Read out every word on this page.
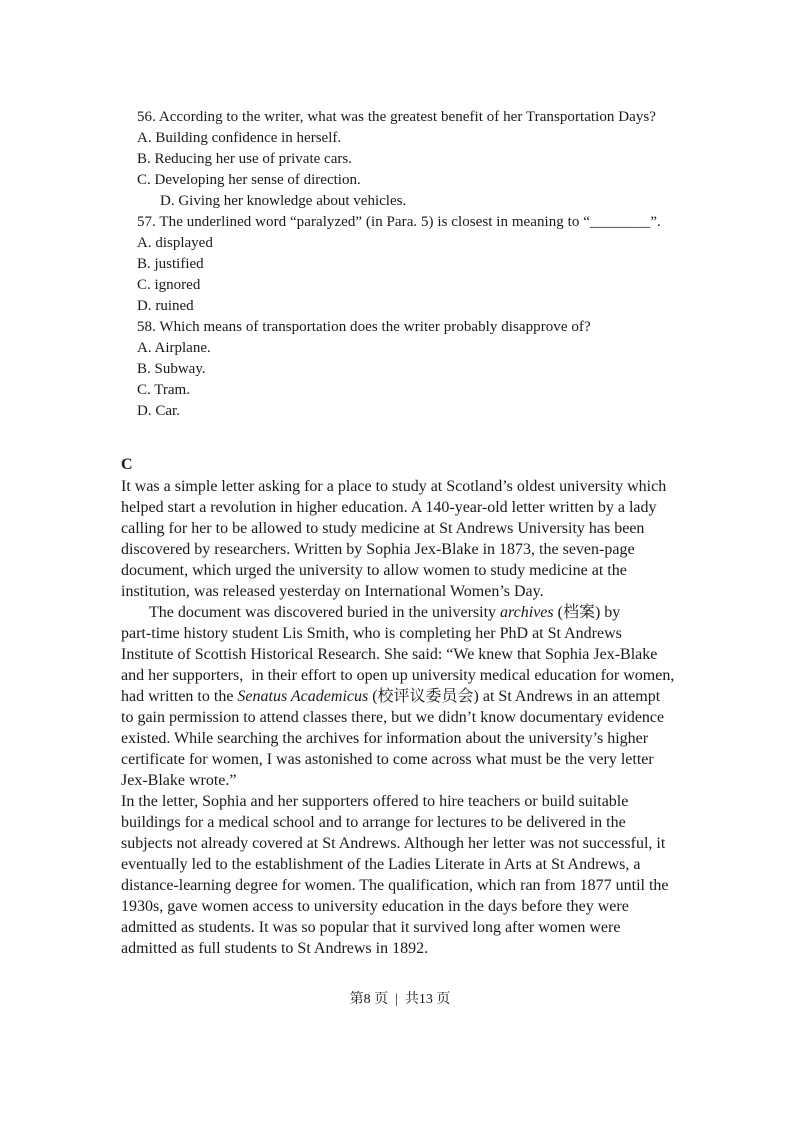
56. According to the writer, what was the greatest benefit of her Transportation Days?

A. Building confidence in herself.

B. Reducing her use of private cars.

C. Developing her sense of direction.

D. Giving her knowledge about vehicles.

57. The underlined word “paralyzed” (in Para. 5) is closest in meaning to “________”.

A. displayed

B. justified

C. ignored

D. ruined

58. Which means of transportation does the writer probably disapprove of?

A. Airplane.

B. Subway.

C. Tram.

D. Car.

C

It was a simple letter asking for a place to study at Scotland’s oldest university which

helped start a revolution in higher education. A 140-year-old letter written by a lady

calling for her to be allowed to study medicine at St Andrews University has been

discovered by researchers. Written by Sophia Jex-Blake in 1873, the seven-page

document, which urged the university to allow women to study medicine at the

institution, was released yesterday on International Women’s Day.

The document was discovered buried in the university archives (档案) by

part-time history student Lis Smith, who is completing her PhD at St Andrews

Institute of Scottish Historical Research. She said: “We knew that Sophia Jex-Blake

and her supporters,  in their effort to open up university medical education for women,

had written to the Senatus Academicus (校评议委员会) at St Andrews in an attempt

to gain permission to attend classes there, but we didn’t know documentary evidence

existed. While searching the archives for information about the university’s higher

certificate for women, I was astonished to come across what must be the very letter

Jex-Blake wrote.”

In the letter, Sophia and her supporters offered to hire teachers or build suitable

buildings for a medical school and to arrange for lectures to be delivered in the

subjects not already covered at St Andrews. Although her letter was not successful, it

eventually led to the establishment of the Ladies Literate in Arts at St Andrews, a

distance-learning degree for women. The qualification, which ran from 1877 until the

1930s, gave women access to university education in the days before they were

admitted as students. It was so popular that it survived long after women were

admitted as full students to St Andrews in 1892.

第8 页 | 共13 页
